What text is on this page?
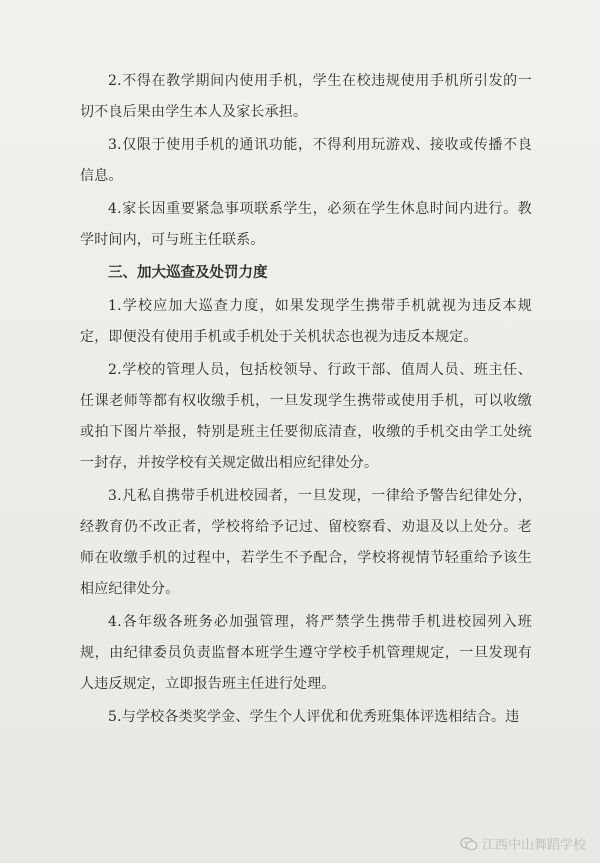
2.不得在教学期间内使用手机，学生在校违规使用手机所引发的一切不良后果由学生本人及家长承担。

3.仅限于使用手机的通讯功能，不得利用玩游戏、接收或传播不良信息。

4.家长因重要紧急事项联系学生，必须在学生休息时间内进行。教学时间内，可与班主任联系。

三、加大巡查及处罚力度

1.学校应加大巡查力度，如果发现学生携带手机就视为违反本规定，即便没有使用手机或手机处于关机状态也视为违反本规定。

2.学校的管理人员，包括校领导、行政干部、值周人员、班主任、任课老师等都有权收缴手机，一旦发现学生携带或使用手机，可以收缴或拍下图片举报，特别是班主任要彻底清查，收缴的手机交由学工处统一封存，并按学校有关规定做出相应纪律处分。

3.凡私自携带手机进校园者，一旦发现，一律给予警告纪律处分，经教育仍不改正者，学校将给予记过、留校察看、劝退及以上处分。老师在收缴手机的过程中，若学生不予配合，学校将视情节轻重给予该生相应纪律处分。

4.各年级各班务必加强管理，将严禁学生携带手机进校园列入班规，由纪律委员负责监督本班学生遵守学校手机管理规定，一旦发现有人违反规定，立即报告班主任进行处理。

5.与学校各类奖学金、学生个人评优和优秀班集体评选相结合。违

江西中山舞蹈学校
